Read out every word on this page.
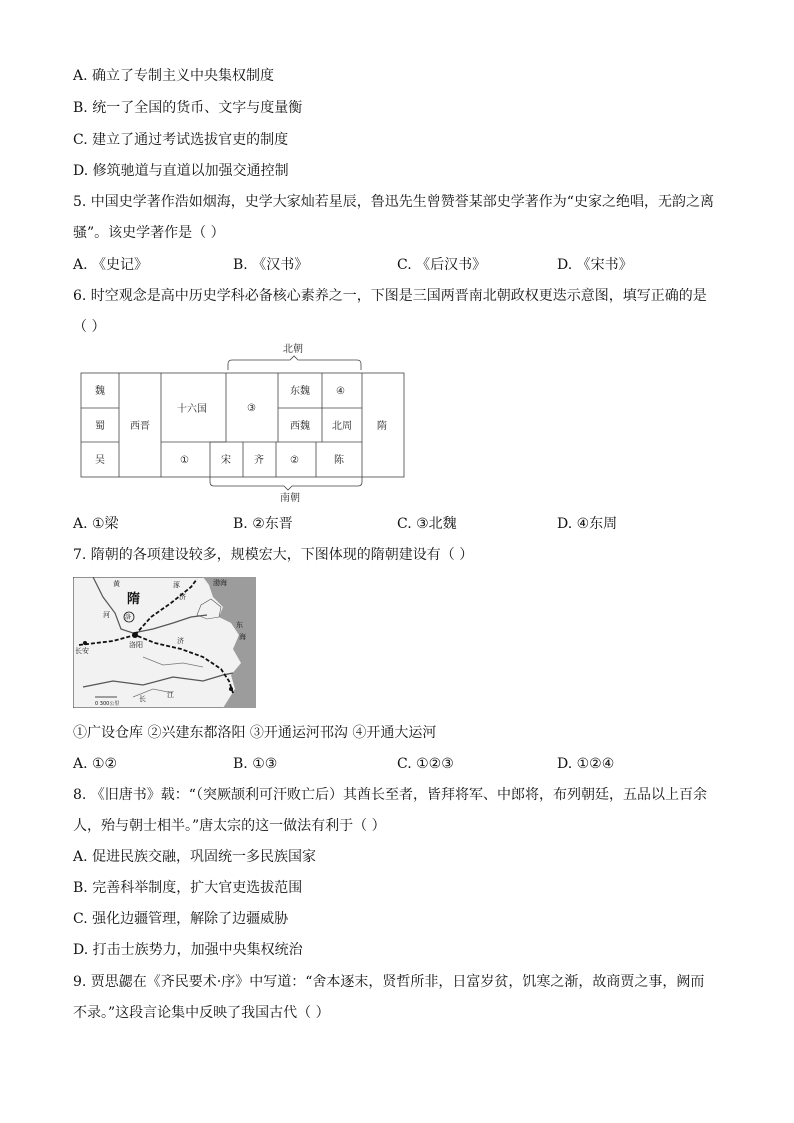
A. 确立了专制主义中央集权制度
B. 统一了全国的货币、文字与度量衡
C. 建立了通过考试选拔官吏的制度
D. 修筑驰道与直道以加强交通控制
5. 中国史学著作浩如烟海，史学大家灿若星辰，鲁迅先生曾赞誉某部史学著作为“史家之绝唱，无韵之离
骚”。该史学著作是（ ）
A. 《史记》	B. 《汉书》	C. 《后汉书》	D. 《宋书》
6. 时空观念是高中历史学科必备核心素养之一，下图是三国两晋南北朝政权更迭示意图，填写正确的是
（ ）
北朝
南朝
魏
蜀
吴
西晋
十六国
①
③
东魏	④
西魏 北周	隋
宋 齐	②	陈
A. ①梁	B. ②东晋	C. ③北魏	D. ④东周
7. 隋朝的各项建设较多，规模宏大，下图体现的隋朝建设有（ ）
黄
河
隋
涿
济
济
渤海
东
海
洛
长安
洛阳
江
长
0 300公里
①广设仓库 ②兴建东都洛阳 ③开通运河邗沟 ④开通大运河
A. ①②	B. ①③	C. ①②③	D. ①②④
8. 《旧唐书》载：“（突厥颉利可汗败亡后）其酋长至者，皆拜将军、中郎将，布列朝廷，五品以上百余
人，殆与朝士相半。”唐太宗的这一做法有利于（ ）
A. 促进民族交融，巩固统一多民族国家
B. 完善科举制度，扩大官吏选拔范围
C. 强化边疆管理，解除了边疆威胁
D. 打击士族势力，加强中央集权统治
9. 贾思勰在《齐民要术·序》中写道：“舍本逐末，贤哲所非，日富岁贫，饥寒之渐，故商贾之事，阙而
不录。”这段言论集中反映了我国古代（ ）
